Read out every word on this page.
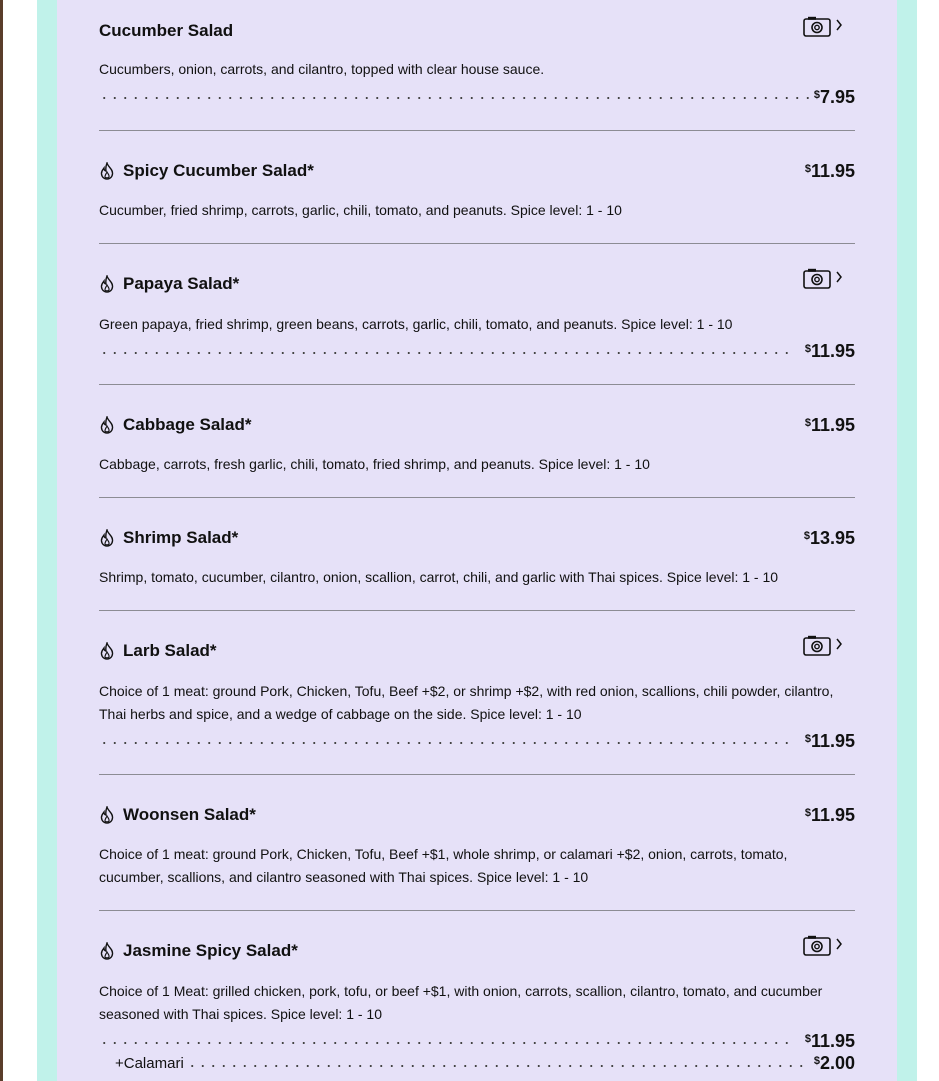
Cucumber Salad
Cucumbers, onion, carrots, and cilantro, topped with clear house sauce.
$7.95
Spicy Cucumber Salad*	$11.95
Cucumber, fried shrimp, carrots, garlic, chili, tomato, and peanuts. Spice level: 1 - 10
Papaya Salad*
Green papaya, fried shrimp, green beans, carrots, garlic, chili, tomato, and peanuts. Spice level: 1 - 10
$11.95
Cabbage Salad*	$11.95
Cabbage, carrots, fresh garlic, chili, tomato, fried shrimp, and peanuts. Spice level: 1 - 10
Shrimp Salad*	$13.95
Shrimp, tomato, cucumber, cilantro, onion, scallion, carrot, chili, and garlic with Thai spices. Spice level: 1 - 10
Larb Salad*
Choice of 1 meat: ground Pork, Chicken, Tofu, Beef +$2, or shrimp +$2, with red onion, scallions, chili powder, cilantro, Thai herbs and spice, and a wedge of cabbage on the side. Spice level: 1 - 10
$11.95
Woonsen Salad*	$11.95
Choice of 1 meat: ground Pork, Chicken, Tofu, Beef +$1, whole shrimp, or calamari +$2, onion, carrots, tomato, cucumber, scallions, and cilantro seasoned with Thai spices. Spice level: 1 - 10
Jasmine Spicy Salad*
Choice of 1 Meat: grilled chicken, pork, tofu, or beef +$1, with onion, carrots, scallion, cilantro, tomato, and cucumber seasoned with Thai spices. Spice level: 1 - 10
$11.95
+Calamari	$2.00
